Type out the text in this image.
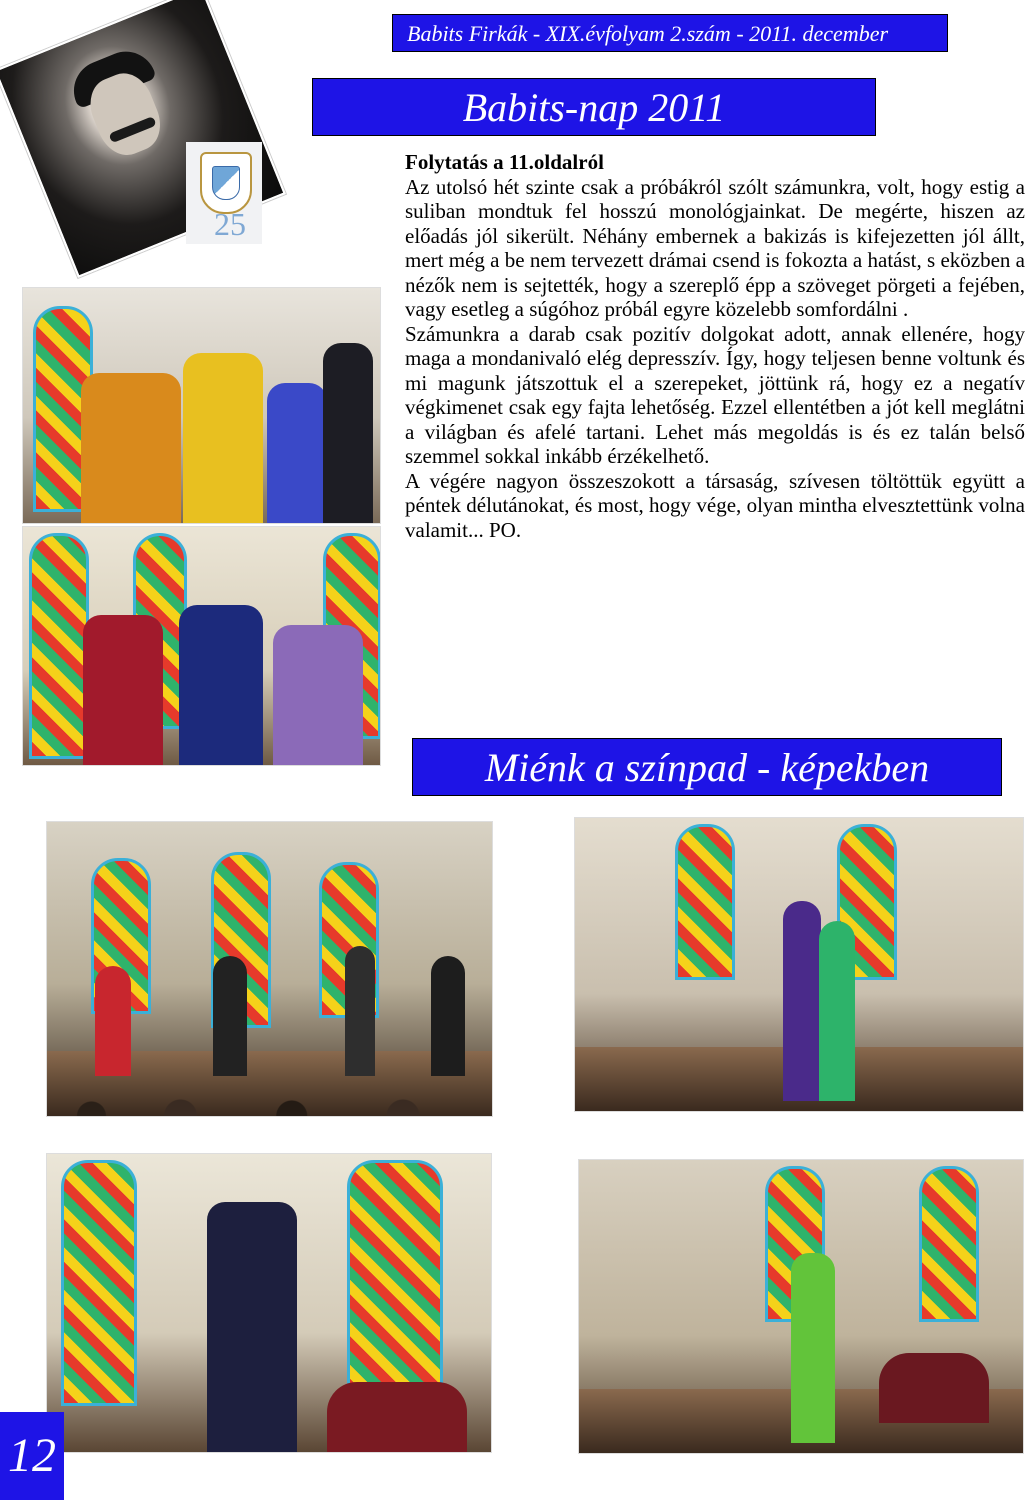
Babits Firkák - XIX.évfolyam 2.szám - 2011. december
25
Babits-nap 2011

Folytatás a 11.oldalról

Az utolsó hét szinte csak a próbákról szólt számunkra, volt, hogy estig a suliban mondtuk fel hosszú monológjainkat. De megérte, hiszen az előadás jól sikerült. Néhány embernek a bakizás is kifejezetten jól állt, mert még a be nem tervezett drámai csend is fokozta a hatást, s eközben a nézők nem is sejtették, hogy a szereplő épp a szöveget pörgeti a fejében, vagy esetleg a súgóhoz próbál egyre közelebb somfordálni .

Számunkra a darab csak pozitív dolgokat adott, annak ellenére, hogy maga a mondanivaló elég depresszív. Így, hogy teljesen benne voltunk és mi magunk játszottuk el a szerepeket, jöttünk rá, hogy ez a negatív végkimenet csak egy fajta lehetőség. Ezzel ellentétben a jót kell meglátni a világban és afelé tartani. Lehet más megoldás is és ez talán belső szemmel sokkal inkább érzékelhető.

A végére nagyon összeszokott a társaság, szívesen töltöttük együtt a péntek délutánokat, és most, hogy vége, olyan mintha elvesztettünk volna valamit... PO.

Miénk a színpad - képekben
12
